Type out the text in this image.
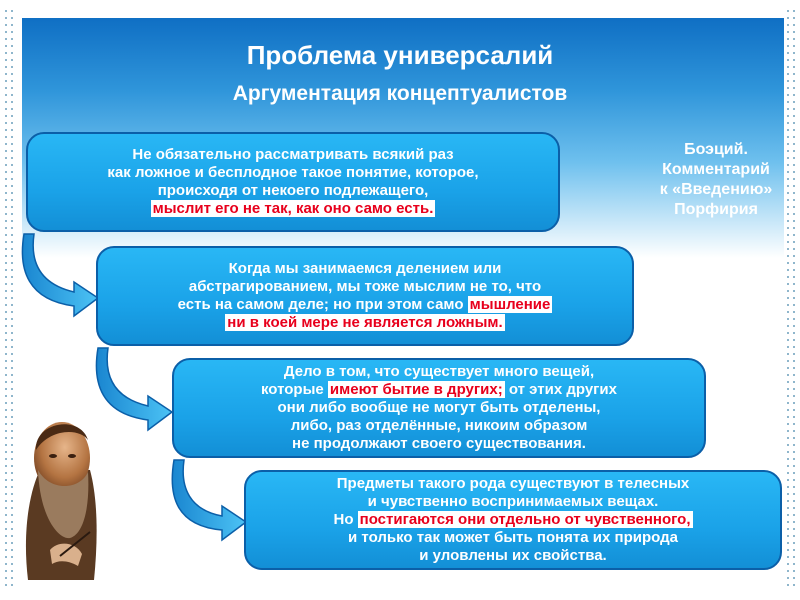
Проблема универсалий
Аргументация концептуалистов
Боэций.
Комментарий
к «Введению»
Порфирия
Не обязательно рассматривать всякий раз
как ложное и бесплодное такое понятие, которое,
происходя от некоего подлежащего,
мыслит его не так, как оно само есть.
Когда мы занимаемся делением или
абстрагированием, мы тоже мыслим не то, что
есть на самом деле; но при этом само мышление
ни в коей мере не является ложным.
Дело в том, что существует много вещей,
которые имеют бытие в других; от этих других
они либо вообще не могут быть отделены,
либо, раз отделённые, никоим образом
не продолжают своего существования.
Предметы такого рода существуют в телесных
и чувственно воспринимаемых вещах.
Но постигаются они отдельно от чувственного,
и только так может быть понята их природа
и уловлены их свойства.
